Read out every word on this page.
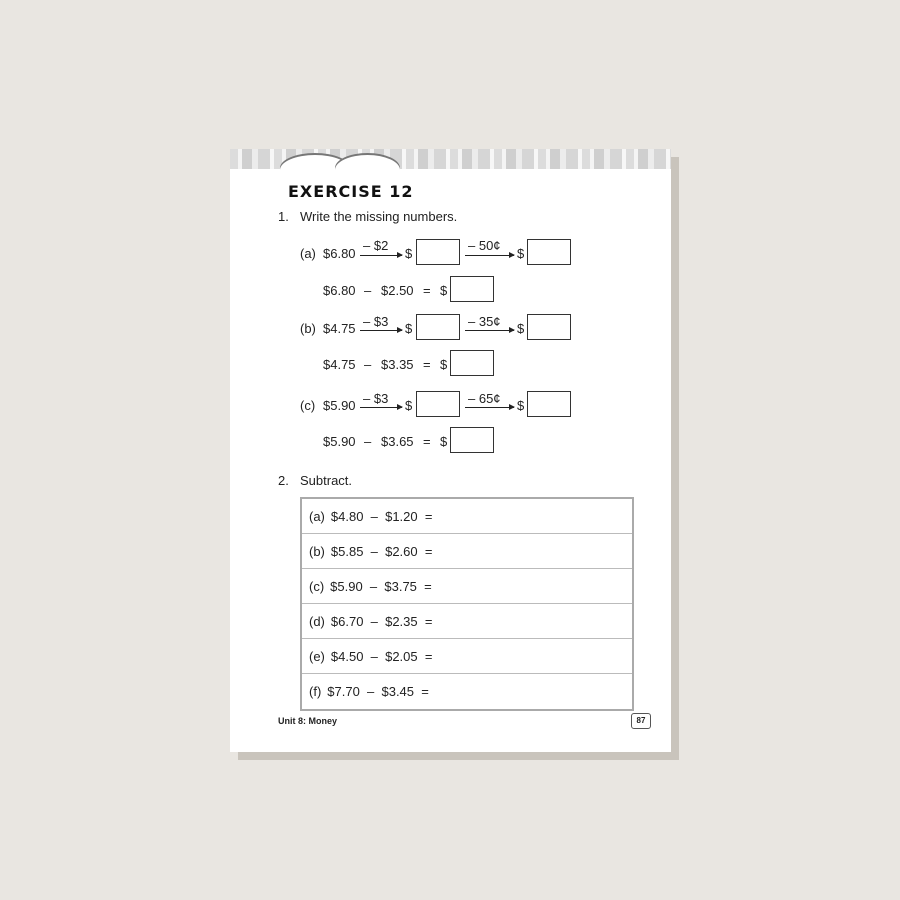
EXERCISE 12
1. Write the missing numbers.
(a) $6.80
– $2
$
– 50¢
$
$6.80 – $2.50 = $
(b) $4.75 – $3 $	– 35¢ $
$4.75 – $3.35 = $
(c) $5.90 – $3 $	– 65¢ $
$5.90 – $3.65 = $
2. Subtract.
(a) $4.80  –  $1.20  =
(b) $5.85  –  $2.60  =
(c) $5.90  –  $3.75  =
(d) $6.70  –  $2.35  =
(e) $4.50  –  $2.05  =
(f) $7.70  –  $3.45  =
Unit 8: Money	87
